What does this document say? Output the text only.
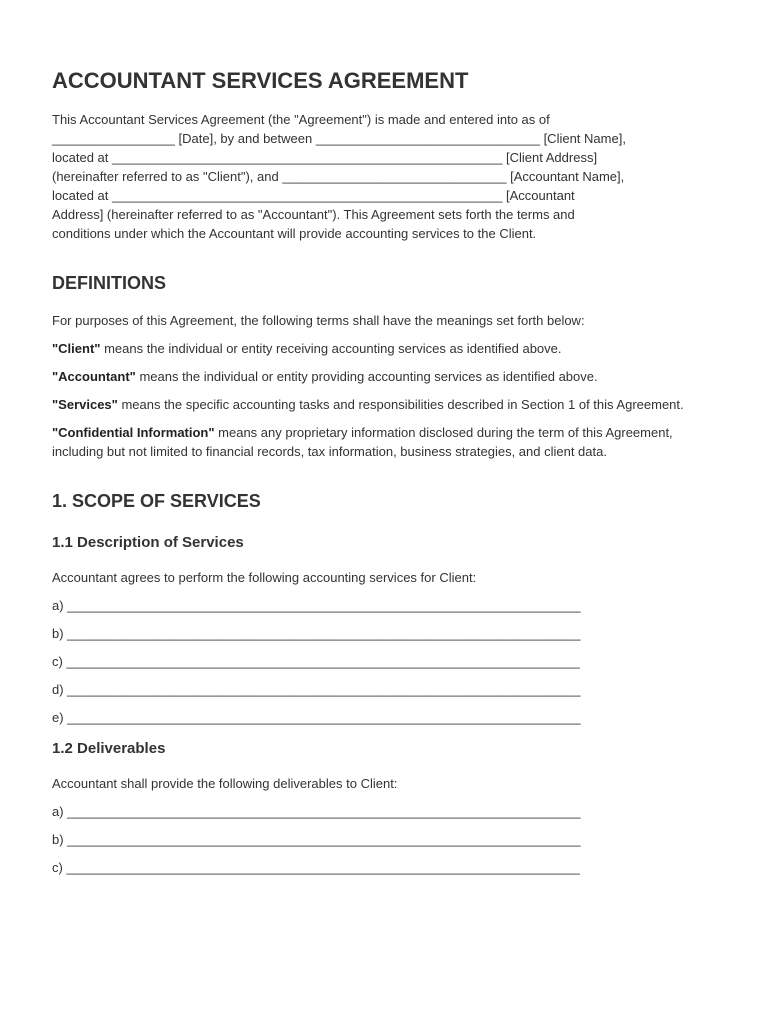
ACCOUNTANT SERVICES AGREEMENT
This Accountant Services Agreement (the "Agreement") is made and entered into as of
_________________ [Date], by and between _______________________________ [Client Name],
located at ______________________________________________________ [Client Address]
(hereinafter referred to as "Client"), and _______________________________ [Accountant Name],
located at ______________________________________________________ [Accountant
Address] (hereinafter referred to as "Accountant"). This Agreement sets forth the terms and
conditions under which the Accountant will provide accounting services to the Client.
DEFINITIONS

For purposes of this Agreement, the following terms shall have the meanings set forth below:

"Client" means the individual or entity receiving accounting services as identified above.

"Accountant" means the individual or entity providing accounting services as identified above.

"Services" means the specific accounting tasks and responsibilities described in Section 1 of this Agreement.

"Confidential Information" means any proprietary information disclosed during the term of this Agreement, including but not limited to financial records, tax information, business strategies, and client data.

1. SCOPE OF SERVICES
1.1 Description of Services

Accountant agrees to perform the following accounting services for Client:

a) _______________________________________________________________________
b) _______________________________________________________________________
c) _______________________________________________________________________
d) _______________________________________________________________________
e) _______________________________________________________________________
1.2 Deliverables

Accountant shall provide the following deliverables to Client:

a) _______________________________________________________________________
b) _______________________________________________________________________
c) _______________________________________________________________________
